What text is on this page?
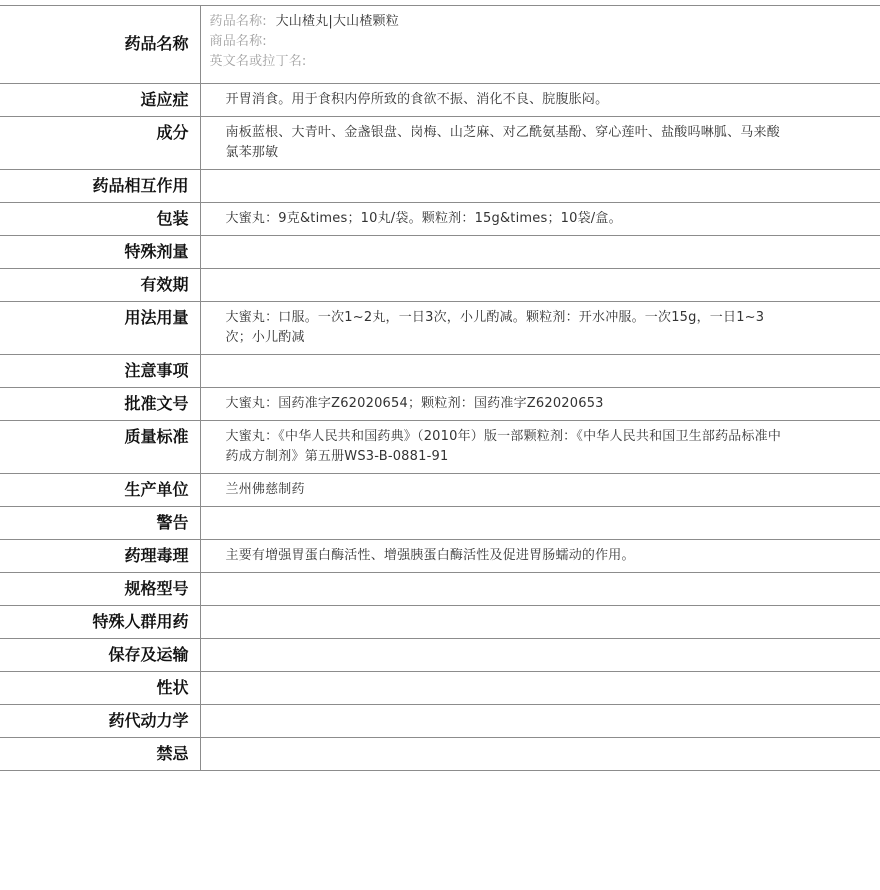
药品名称	药品名称: 大山楂丸|大山楂颗粒
商品名称:
英文名或拉丁名:

适应症	开胃消食。用于食积内停所致的食欲不振、消化不良、脘腹胀闷。

成分	南板蓝根、大青叶、金盏银盘、岗梅、山芝麻、对乙酰氨基酚、穿心莲叶、盐酸吗啉胍、马来酸氯苯那敏

药品相互作用	

包装	大蜜丸：9克&times；10丸/袋。颗粒剂：15g&times；10袋/盒。

特殊剂量	

有效期	

用法用量	大蜜丸：口服。一次1~2丸，一日3次，小儿酌减。颗粒剂：开水冲服。一次15g，一日1~3次；小儿酌减

注意事项	

批准文号	大蜜丸：国药准字Z62020654；颗粒剂：国药准字Z62020653

质量标准	大蜜丸：《中华人民共和国药典》（2010年）版一部颗粒剂：《中华人民共和国卫生部药品标准中药成方制剂》第五册WS3-B-0881-91

生产单位	兰州佛慈制药

警告	

药理毒理	主要有增强胃蛋白酶活性、增强胰蛋白酶活性及促进胃肠蠕动的作用。

规格型号	

特殊人群用药	

保存及运输	

性状	

药代动力学	

禁忌	
